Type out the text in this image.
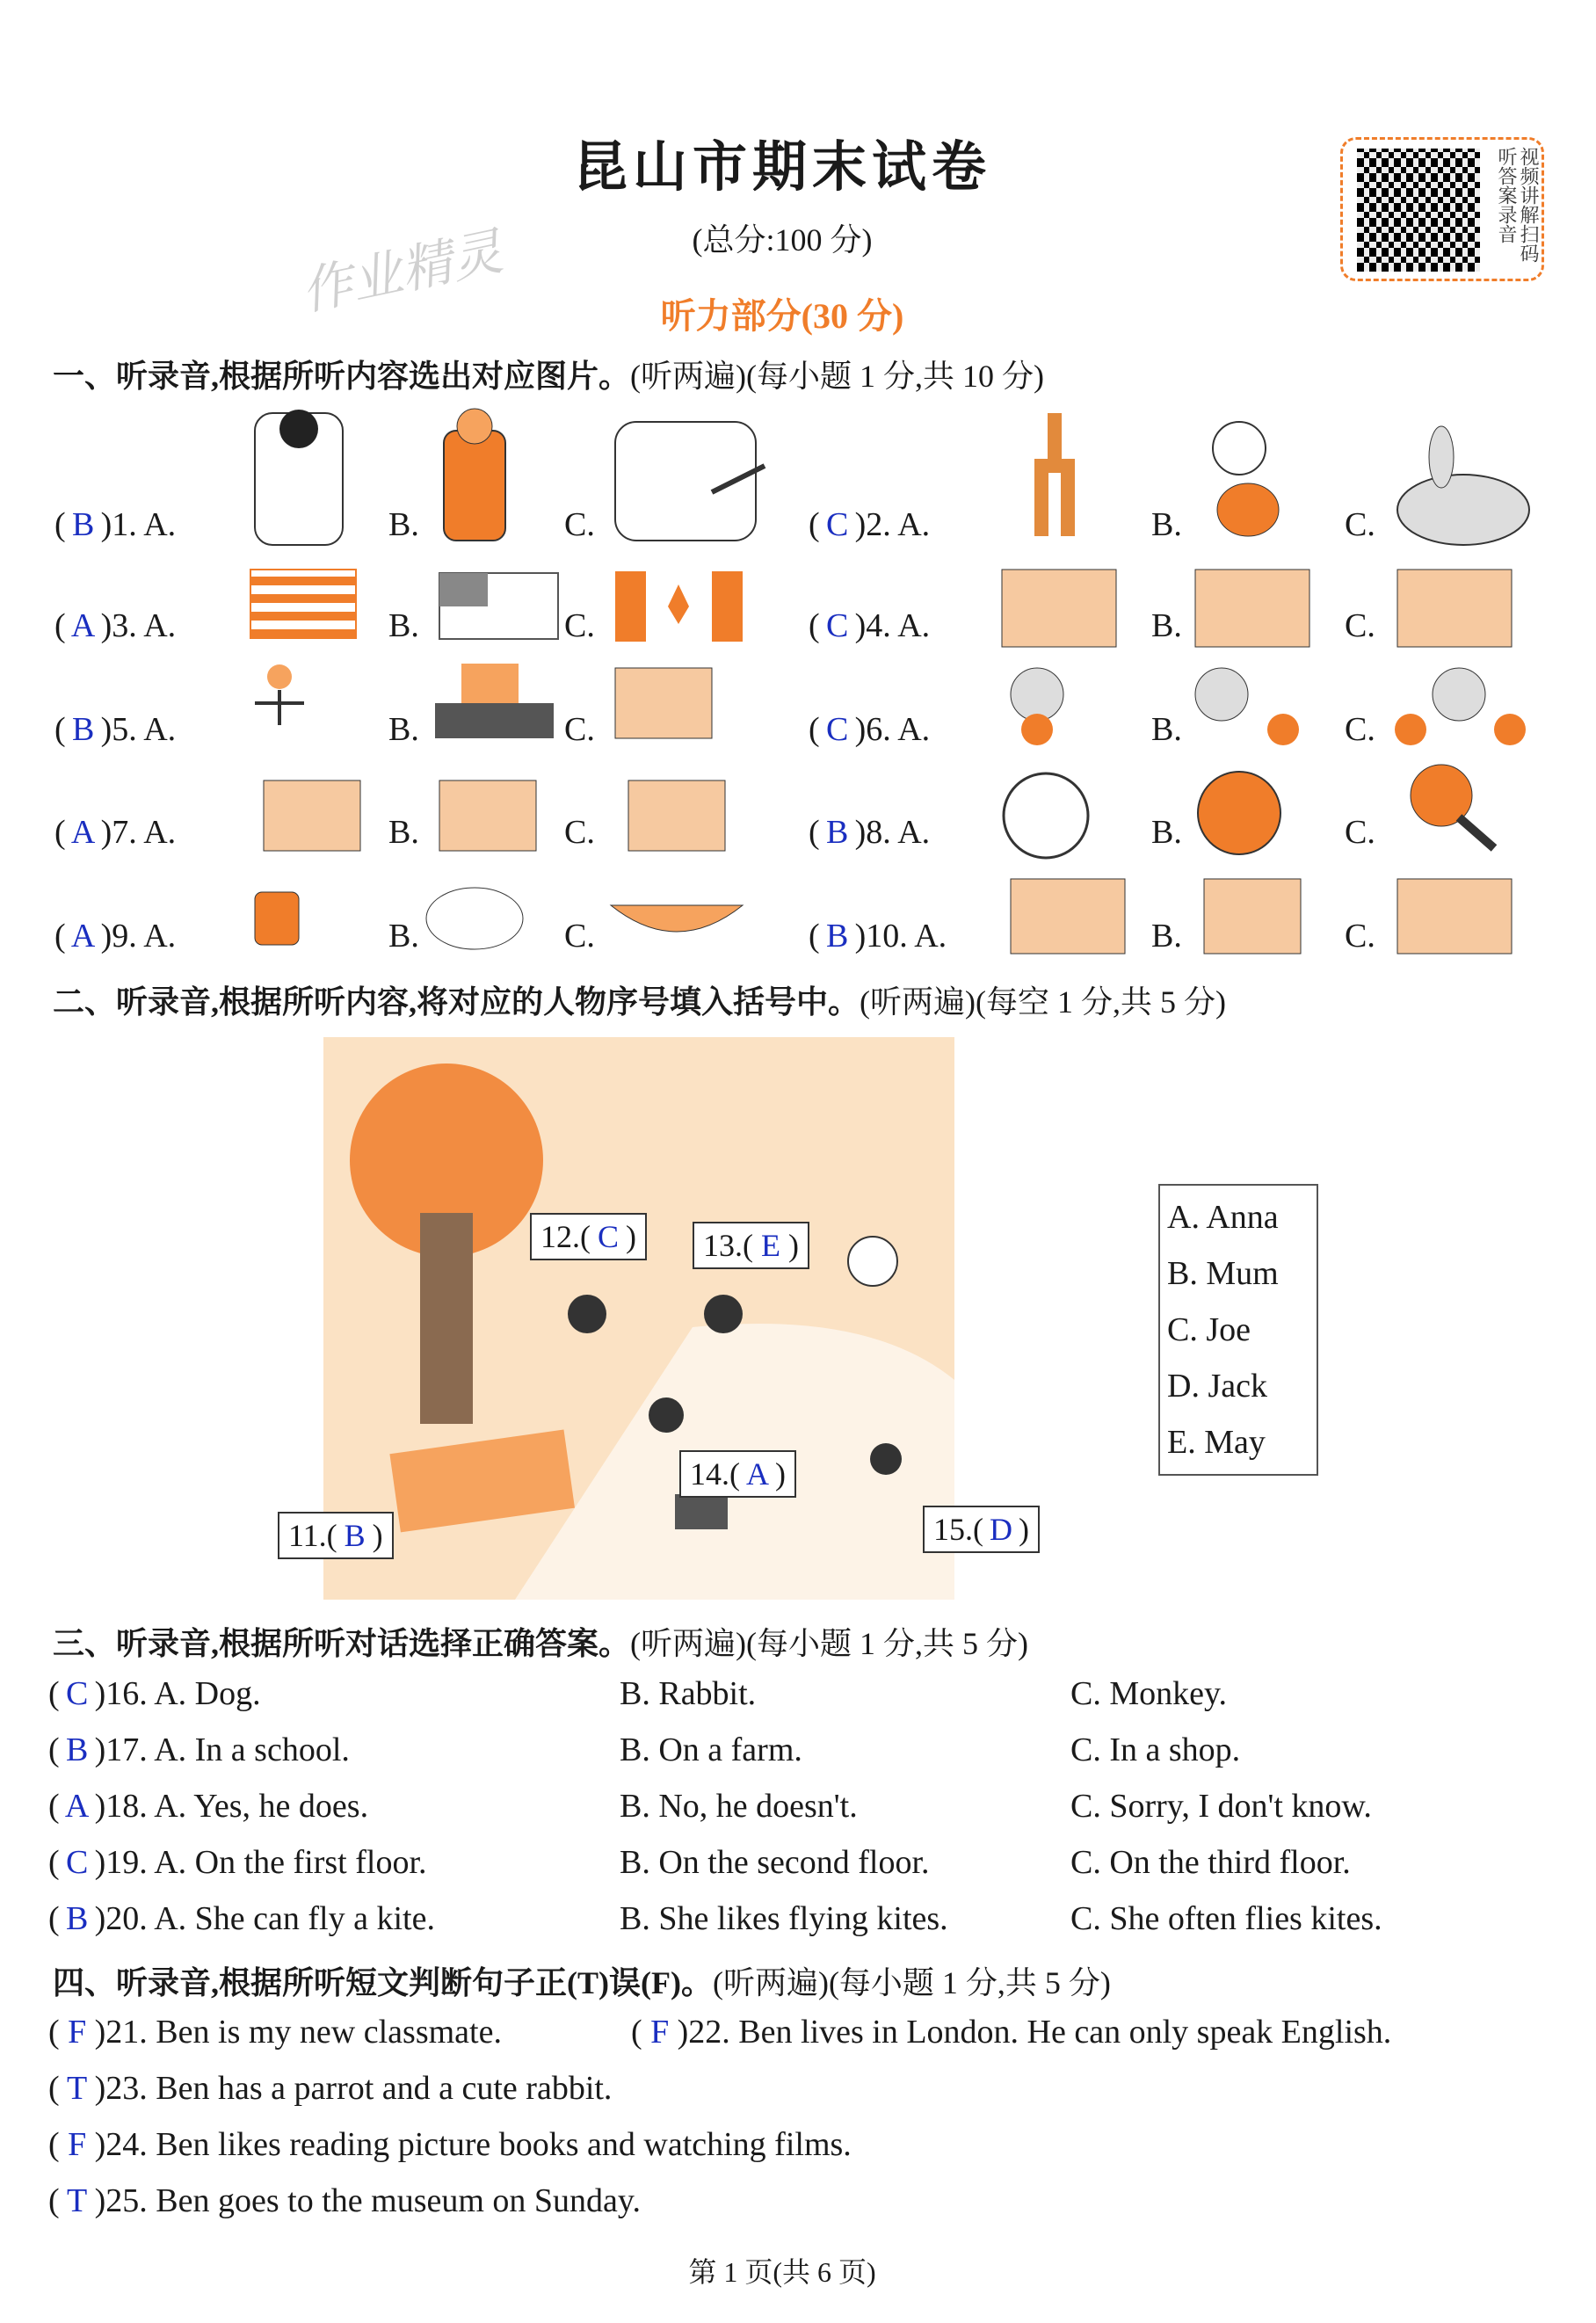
昆山市期末试卷
(总分:100 分)
听力部分(30 分)
作业精灵
视频讲解扫码听答案录音
一、听录音,根据所听内容选出对应图片。(听两遍)(每小题 1 分,共 10 分)
( B )1. A.	B.	C.	( C )2. A.	B.	C.
( A )3. A.	B.	C.	( C )4. A.	B.	C.
( B )5. A.	B.	C.	( C )6. A.	B.	C.
( A )7. A.	B.	C.	( B )8. A.	B.	C.
( A )9. A.	B.	C.	( B )10. A.	B.	C.
二、听录音,根据所听内容,将对应的人物序号填入括号中。(听两遍)(每空 1 分,共 5 分)
11.( B )
12.( C )	13.( E )
14.( A )
15.( D )
A. Anna
B. Mum
C. Joe
D. Jack
E. May
三、听录音,根据所听对话选择正确答案。(听两遍)(每小题 1 分,共 5 分)
( C )16. A. Dog.	B. Rabbit.	C. Monkey.
( B )17. A. In a school.	B. On a farm.	C. In a shop.
( A )18. A. Yes, he does.	B. No, he doesn't.	C. Sorry, I don't know.
( C )19. A. On the first floor.	B. On the second floor.	C. On the third floor.
( B )20. A. She can fly a kite.	B. She likes flying kites.	C. She often flies kites.
四、听录音,根据所听短文判断句子正(T)误(F)。(听两遍)(每小题 1 分,共 5 分)
( F )21. Ben is my new classmate.	( F )22. Ben lives in London. He can only speak English.
( T )23. Ben has a parrot and a cute rabbit.
( F )24. Ben likes reading picture books and watching films.
( T )25. Ben goes to the museum on Sunday.
第 1 页(共 6 页)
